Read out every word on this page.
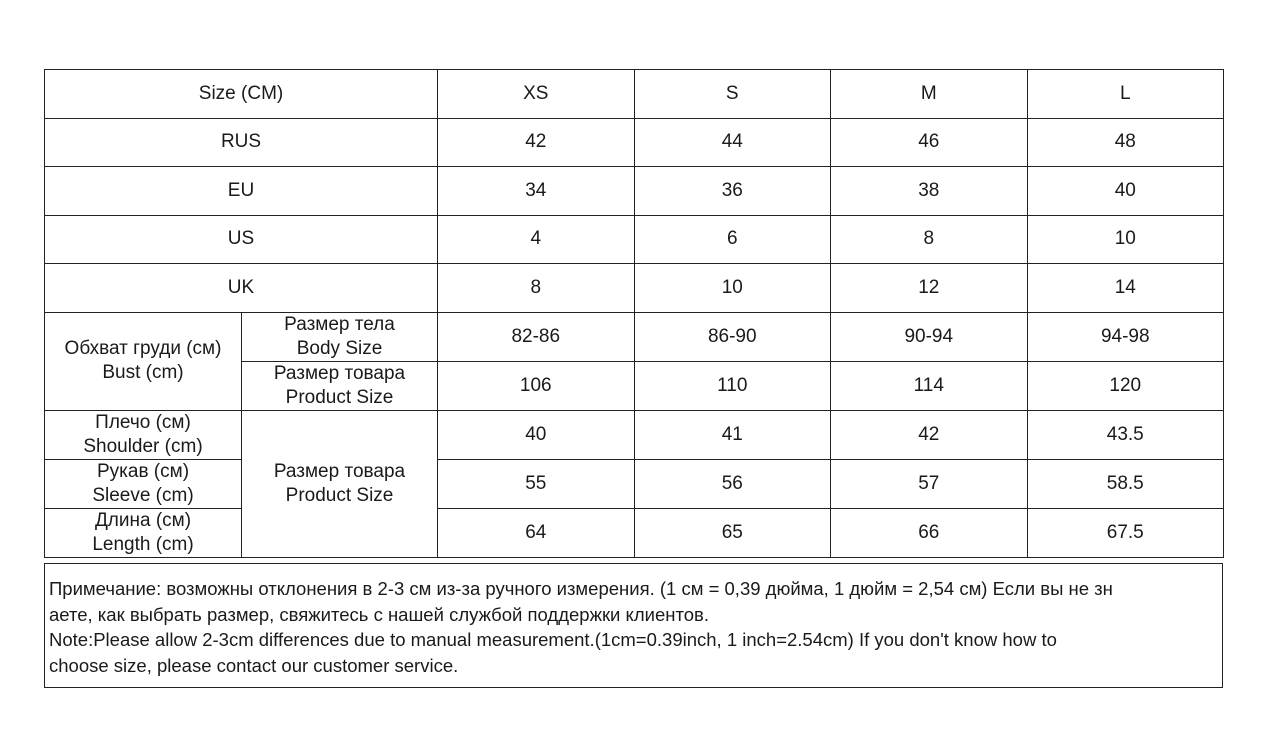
Size (CM)		XS	S	M	L
RUS		42	44	46	48
EU		34	36	38	40
US		4	6	8	10
UK		8	10	12	14

Обхват груди (см)
Bust (cm)	Размер тела
Body Size	82-86	86-90	90-94	94-98

	Размер товара
Product Size	106	110	114	120

Плечо (см)
Shoulder (cm)	Размер товара
Product Size	40	41	42	43.5

Рукав (см)
Sleeve (cm)		55	56	57	58.5

Длина (см)
Length (cm)		64	65	66	67.5

Примечание: возможны отклонения в 2-3 см из-за ручного измерения. (1 см = 0,39 дюйма, 1 дюйм = 2,54 см) Если вы не зн

аете, как выбрать размер, свяжитесь с нашей службой поддержки клиентов.

Note:Please allow 2-3cm differences due to manual measurement.(1cm=0.39inch, 1 inch=2.54cm) If you don't know how to

choose size, please contact our customer service.
